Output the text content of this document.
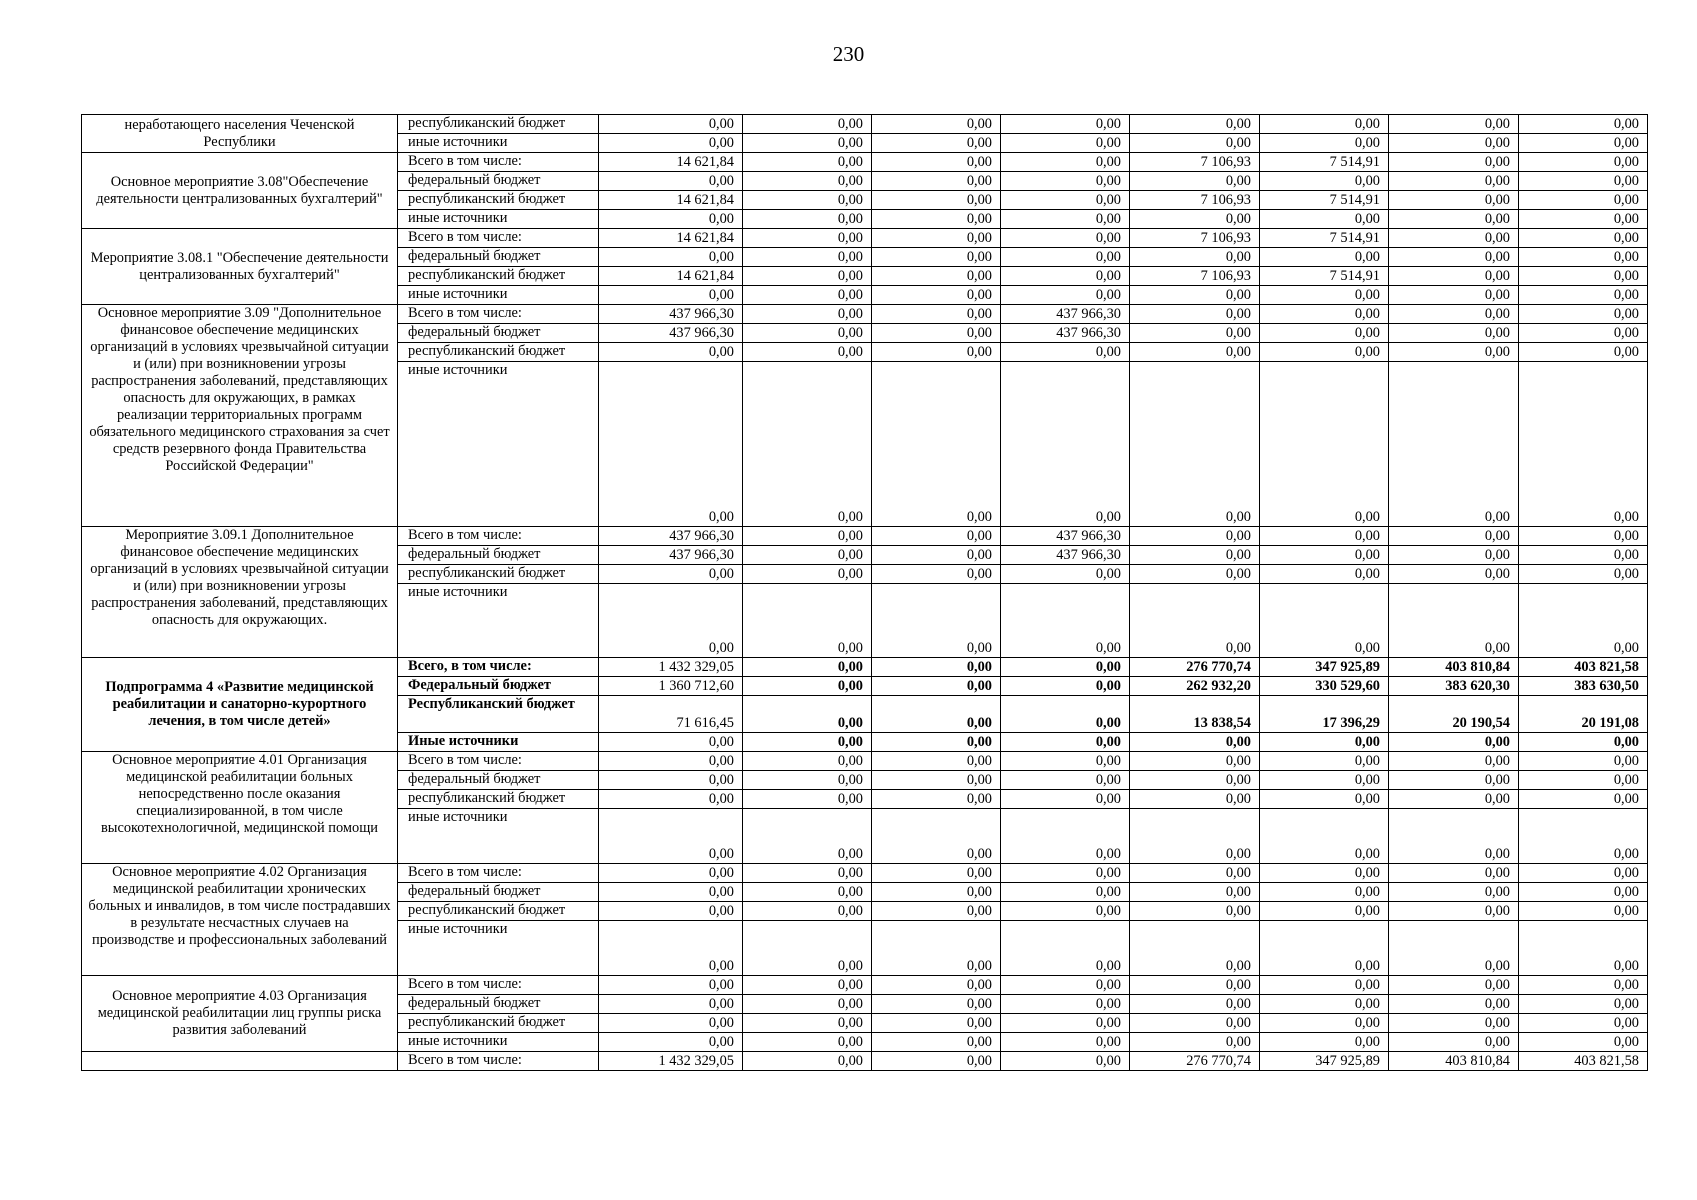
230
неработающего населения Чеченской Республики	республиканский бюджет	0,00	0,00	0,00	0,00	0,00	0,00	0,00	0,00
	иные источники	0,00	0,00	0,00	0,00	0,00	0,00	0,00	0,00
Основное мероприятие 3.08"Обеспечение деятельности централизованных бухгалтерий"	Всего в том числе:	14 621,84	0,00	0,00	0,00	7 106,93	7 514,91	0,00	0,00
	федеральный бюджет	0,00	0,00	0,00	0,00	0,00	0,00	0,00	0,00
	республиканский бюджет	14 621,84	0,00	0,00	0,00	7 106,93	7 514,91	0,00	0,00
	иные источники	0,00	0,00	0,00	0,00	0,00	0,00	0,00	0,00
Мероприятие 3.08.1 "Обеспечение деятельности централизованных бухгалтерий"	Всего в том числе:	14 621,84	0,00	0,00	0,00	7 106,93	7 514,91	0,00	0,00
	федеральный бюджет	0,00	0,00	0,00	0,00	0,00	0,00	0,00	0,00
	республиканский бюджет	14 621,84	0,00	0,00	0,00	7 106,93	7 514,91	0,00	0,00
	иные источники	0,00	0,00	0,00	0,00	0,00	0,00	0,00	0,00
Основное мероприятие 3.09 "Дополнительное финансовое обеспечение медицинских организаций в условиях чрезвычайной ситуации и (или) при возникновении угрозы распространения заболеваний, представляющих опасность для окружающих, в рамках реализации территориальных программ обязательного медицинского страхования за счет средств резервного фонда Правительства Российской Федерации"	Всего в том числе:	437 966,30	0,00	0,00	437 966,30	0,00	0,00	0,00	0,00
	федеральный бюджет	437 966,30	0,00	0,00	437 966,30	0,00	0,00	0,00	0,00
	республиканский бюджет	0,00	0,00	0,00	0,00	0,00	0,00	0,00	0,00
	иные источники	0,00	0,00	0,00	0,00	0,00	0,00	0,00	0,00
Мероприятие 3.09.1 Дополнительное финансовое обеспечение медицинских организаций в условиях чрезвычайной ситуации и (или) при возникновении угрозы распространения заболеваний, представляющих опасность для окружающих.	Всего в том числе:	437 966,30	0,00	0,00	437 966,30	0,00	0,00	0,00	0,00
	федеральный бюджет	437 966,30	0,00	0,00	437 966,30	0,00	0,00	0,00	0,00
	республиканский бюджет	0,00	0,00	0,00	0,00	0,00	0,00	0,00	0,00
	иные источники	0,00	0,00	0,00	0,00	0,00	0,00	0,00	0,00
Подпрограмма 4 «Развитие медицинской реабилитации и санаторно-курортного лечения, в том числе детей»	Всего, в том числе:	1 432 329,05	0,00	0,00	0,00	276 770,74	347 925,89	403 810,84	403 821,58
	Федеральный бюджет	1 360 712,60	0,00	0,00	0,00	262 932,20	330 529,60	383 620,30	383 630,50
	Республиканский бюджет	71 616,45	0,00	0,00	0,00	13 838,54	17 396,29	20 190,54	20 191,08
	Иные источники	0,00	0,00	0,00	0,00	0,00	0,00	0,00	0,00
Основное мероприятие 4.01 Организация медицинской реабилитации больных непосредственно после оказания специализированной, в том числе высокотехнологичной, медицинской помощи	Всего в том числе:	0,00	0,00	0,00	0,00	0,00	0,00	0,00	0,00
	федеральный бюджет	0,00	0,00	0,00	0,00	0,00	0,00	0,00	0,00
	республиканский бюджет	0,00	0,00	0,00	0,00	0,00	0,00	0,00	0,00
	иные источники	0,00	0,00	0,00	0,00	0,00	0,00	0,00	0,00
Основное мероприятие 4.02 Организация медицинской реабилитации хронических больных и инвалидов, в том числе пострадавших в результате несчастных случаев на производстве и профессиональных заболеваний	Всего в том числе:	0,00	0,00	0,00	0,00	0,00	0,00	0,00	0,00
	федеральный бюджет	0,00	0,00	0,00	0,00	0,00	0,00	0,00	0,00
	республиканский бюджет	0,00	0,00	0,00	0,00	0,00	0,00	0,00	0,00
	иные источники	0,00	0,00	0,00	0,00	0,00	0,00	0,00	0,00
Основное мероприятие 4.03 Организация медицинской реабилитации лиц группы риска развития заболеваний	Всего в том числе:	0,00	0,00	0,00	0,00	0,00	0,00	0,00	0,00
	федеральный бюджет	0,00	0,00	0,00	0,00	0,00	0,00	0,00	0,00
	республиканский бюджет	0,00	0,00	0,00	0,00	0,00	0,00	0,00	0,00
	иные источники	0,00	0,00	0,00	0,00	0,00	0,00	0,00	0,00
	Всего в том числе:	1 432 329,05	0,00	0,00	0,00	276 770,74	347 925,89	403 810,84	403 821,58
